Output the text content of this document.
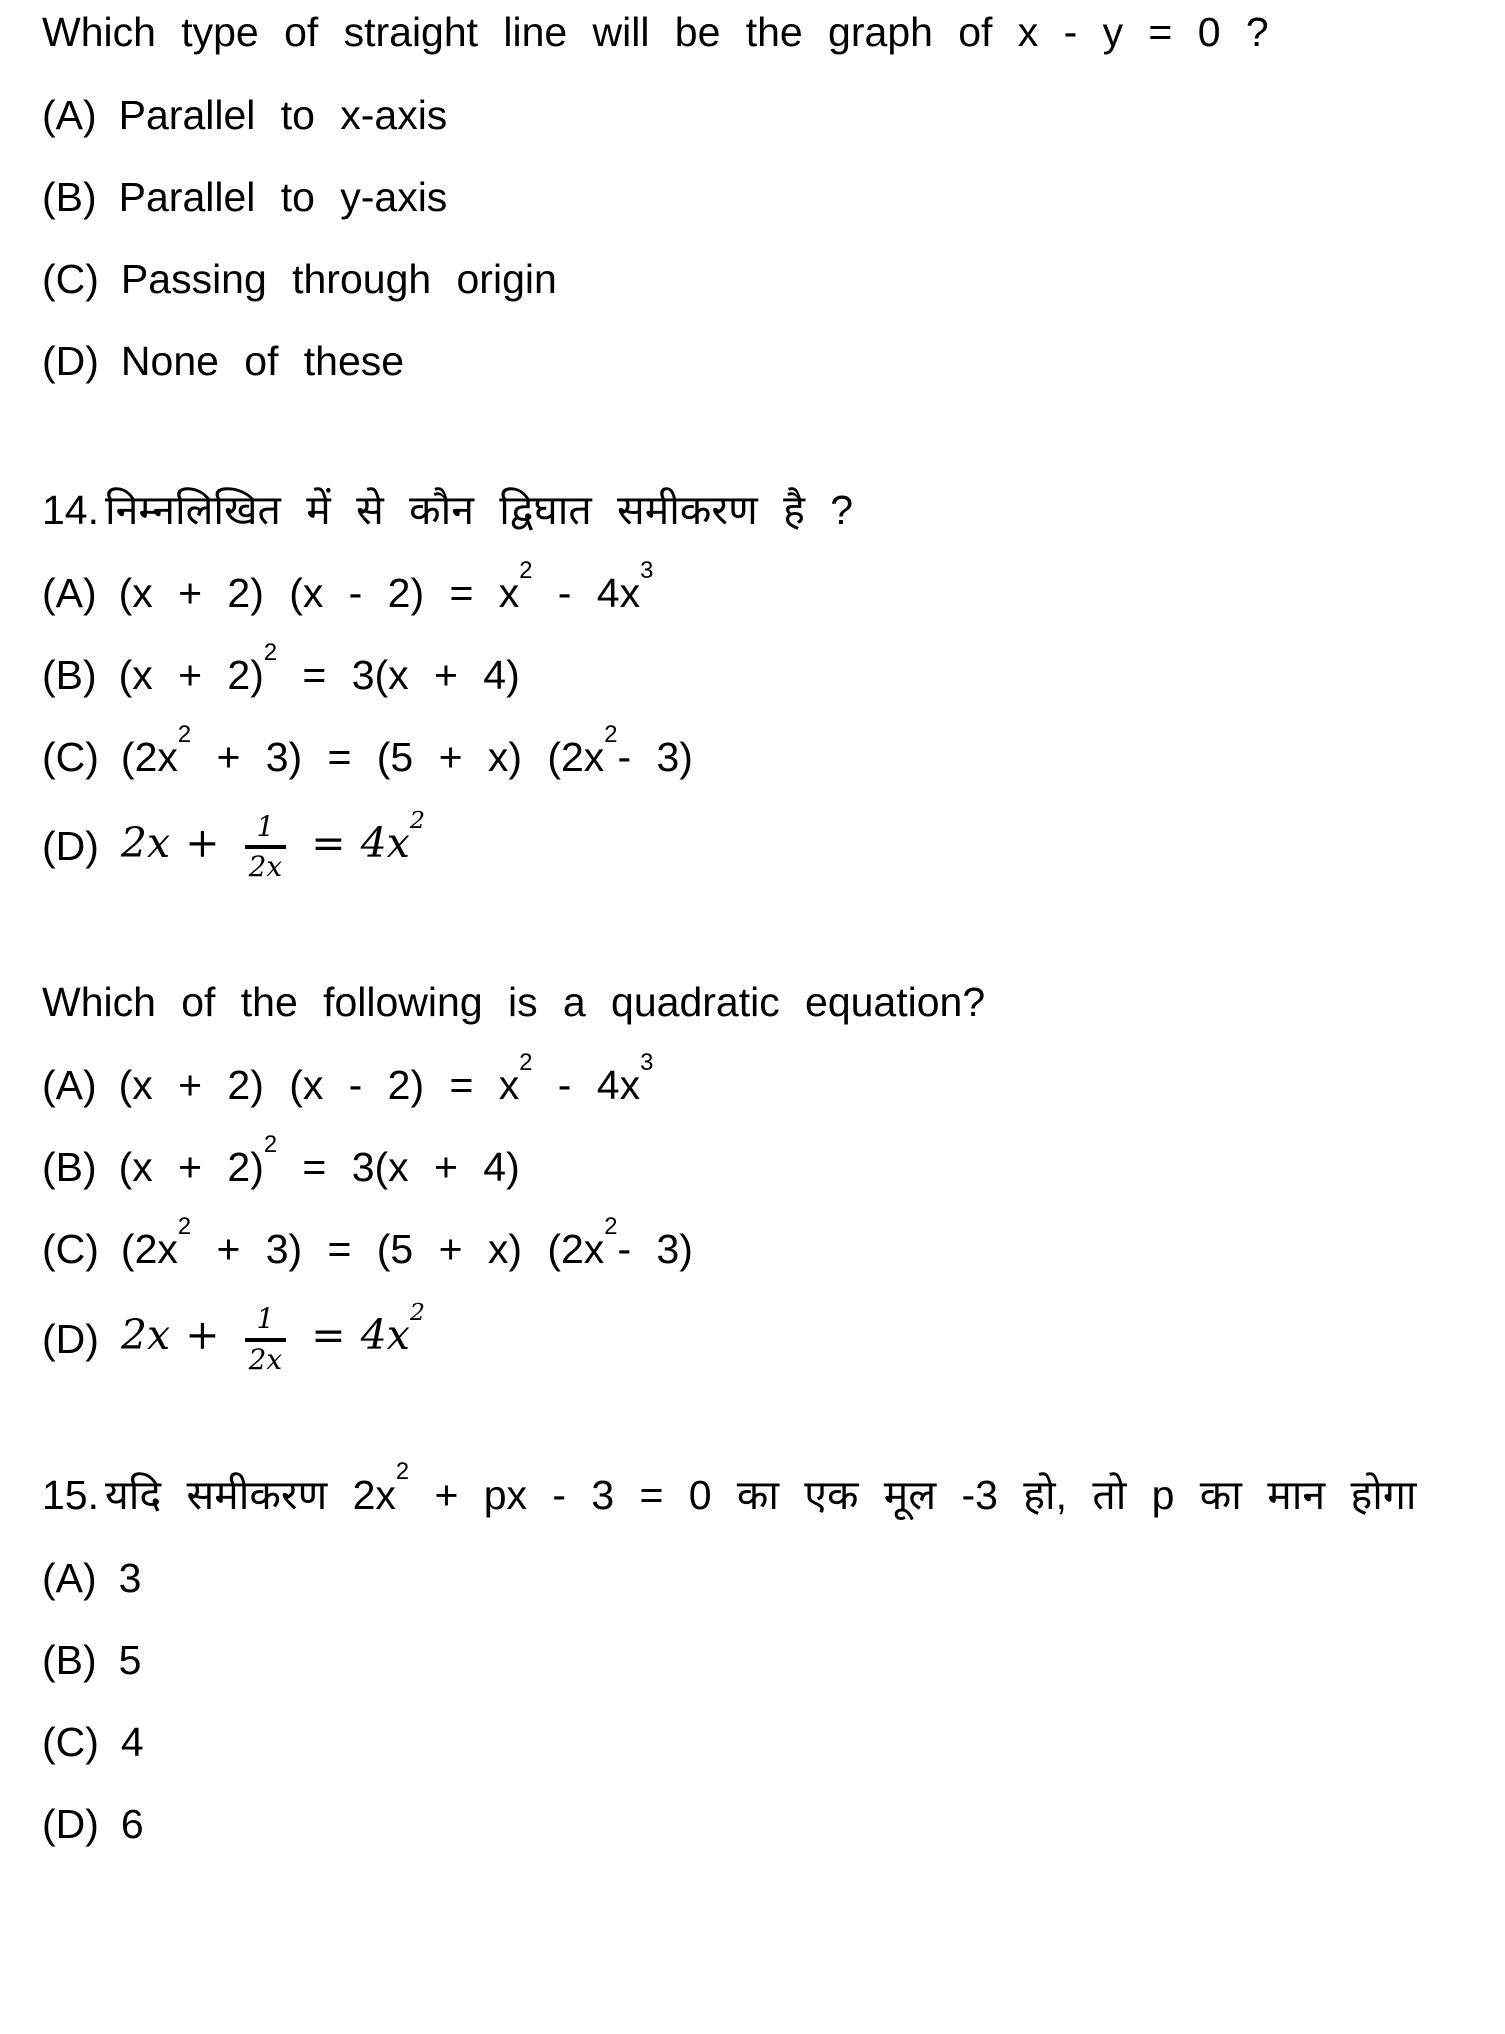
Which type of straight line will be the graph of x - y = 0 ?

(A) Parallel to x-axis
(B) Parallel to y-axis
(C) Passing through origin
(D) None of these

14. निम्नलिखित में से कौन द्विघात समीकरण है ?

(A) (x + 2) $(x - 2) = x^2 - 4x^3$
(B) $(x + 2)^2 = 3(x + 4)$
(C) $(2x^2 + 3) = (5 + x)$ ($2x^2-$ 3)
(D) $2x + \frac{1}{2x} = 4x^2$

Which of the following is a quadratic equation?

(A) (x + 2) $(x - 2) = x^2 - 4x^3$
(B) $(x + 2)^2 = 3(x + 4)$
(C) $(2x^2 + 3) = (5 + x)$ ($2x^2-$ 3)
(D) $2x + \frac{1}{2x} = 4x^2$

15. यदि समीकरण $2x^2$ + px - 3 = 0 का एक मूल -3 हो, तो p का मान होगा

(A) 3
(B) 5
(C) 4
(D) 6
